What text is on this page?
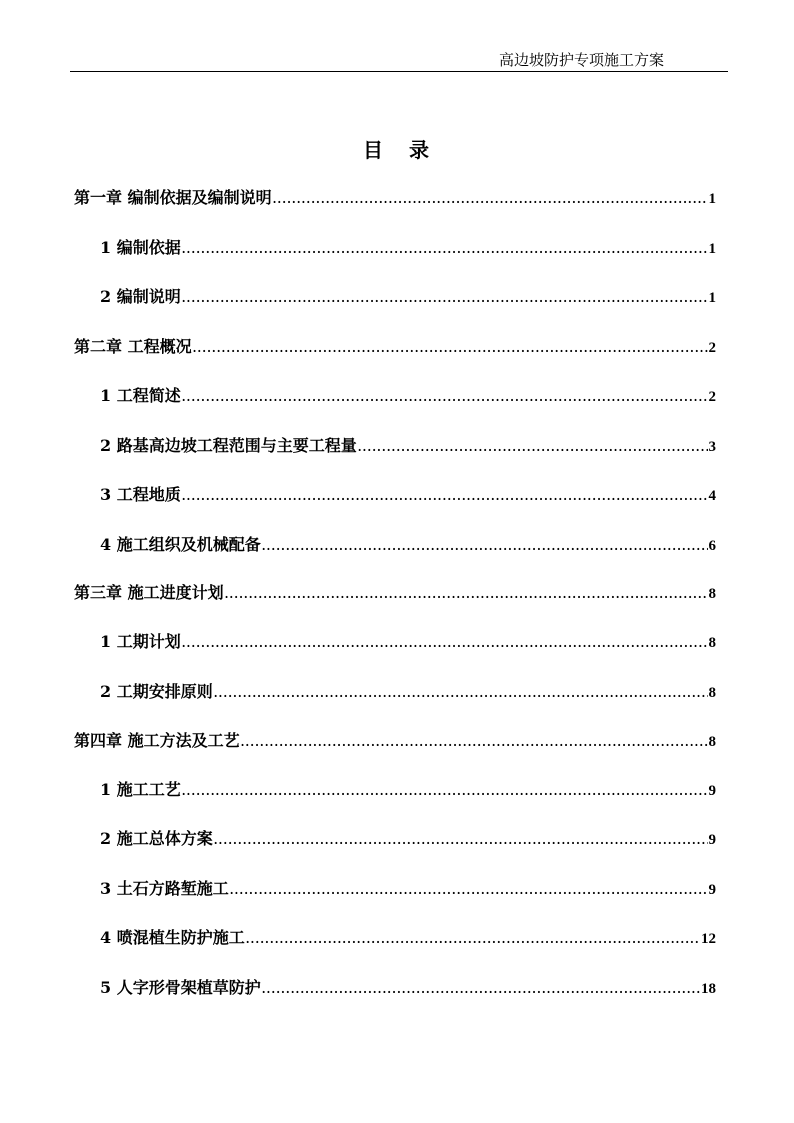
高边坡防护专项施工方案
目 录
第一章 编制依据及编制说明 .....	1
1 编制依据 .....	1
2 编制说明 .....	1
第二章 工程概况 .....	2
1 工程简述 .....	2
2 路基高边坡工程范围与主要工程量 .....	3
3 工程地质 .....	4
4 施工组织及机械配备 .....	6
第三章 施工进度计划 .....	8
1 工期计划 .....	8
2 工期安排原则 .....	8
第四章 施工方法及工艺 .....	8
1 施工工艺 .....	9
2 施工总体方案 .....	9
3 土石方路堑施工 .....	9
4 喷混植生防护施工 .....	12
5 人字形骨架植草防护 .....	18
